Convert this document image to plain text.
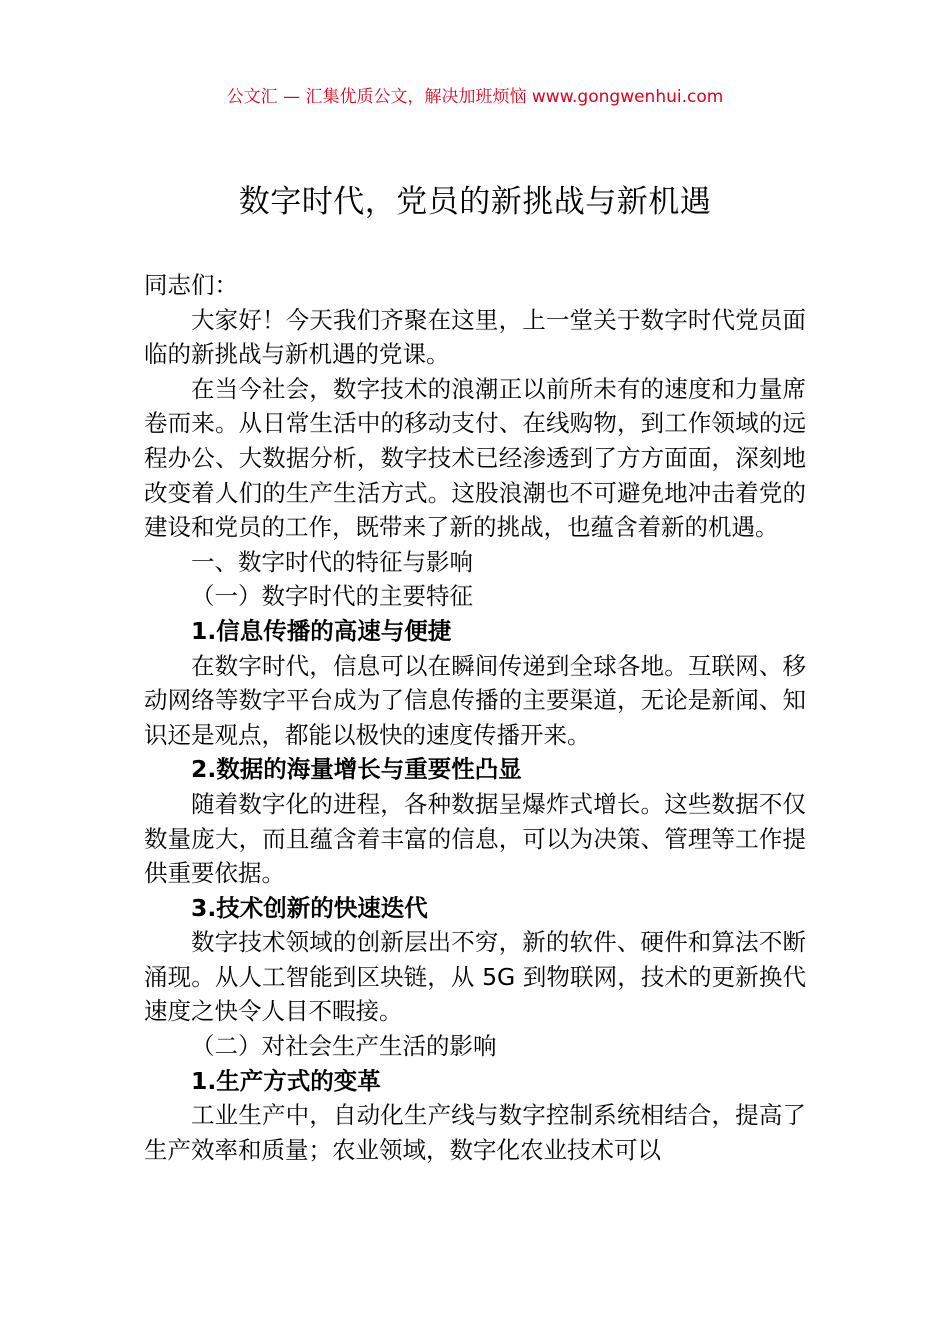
公文汇 — 汇集优质公文，解决加班烦恼 www.gongwenhui.com
数字时代，党员的新挑战与新机遇

同志们：

大家好！今天我们齐聚在这里，上一堂关于数字时代党员面临的新挑战与新机遇的党课。

在当今社会，数字技术的浪潮正以前所未有的速度和力量席卷而来。从日常生活中的移动支付、在线购物，到工作领域的远程办公、大数据分析，数字技术已经渗透到了方方面面，深刻地改变着人们的生产生活方式。这股浪潮也不可避免地冲击着党的建设和党员的工作，既带来了新的挑战，也蕴含着新的机遇。

一、数字时代的特征与影响

（一）数字时代的主要特征

1.信息传播的高速与便捷

在数字时代，信息可以在瞬间传递到全球各地。互联网、移动网络等数字平台成为了信息传播的主要渠道，无论是新闻、知识还是观点，都能以极快的速度传播开来。

2.数据的海量增长与重要性凸显

随着数字化的进程，各种数据呈爆炸式增长。这些数据不仅数量庞大，而且蕴含着丰富的信息，可以为决策、管理等工作提供重要依据。

3.技术创新的快速迭代

数字技术领域的创新层出不穷，新的软件、硬件和算法不断涌现。从人工智能到区块链，从 5G 到物联网，技术的更新换代速度之快令人目不暇接。

（二）对社会生产生活的影响

1.生产方式的变革

工业生产中，自动化生产线与数字控制系统相结合，提高了生产效率和质量；农业领域，数字化农业技术可以
